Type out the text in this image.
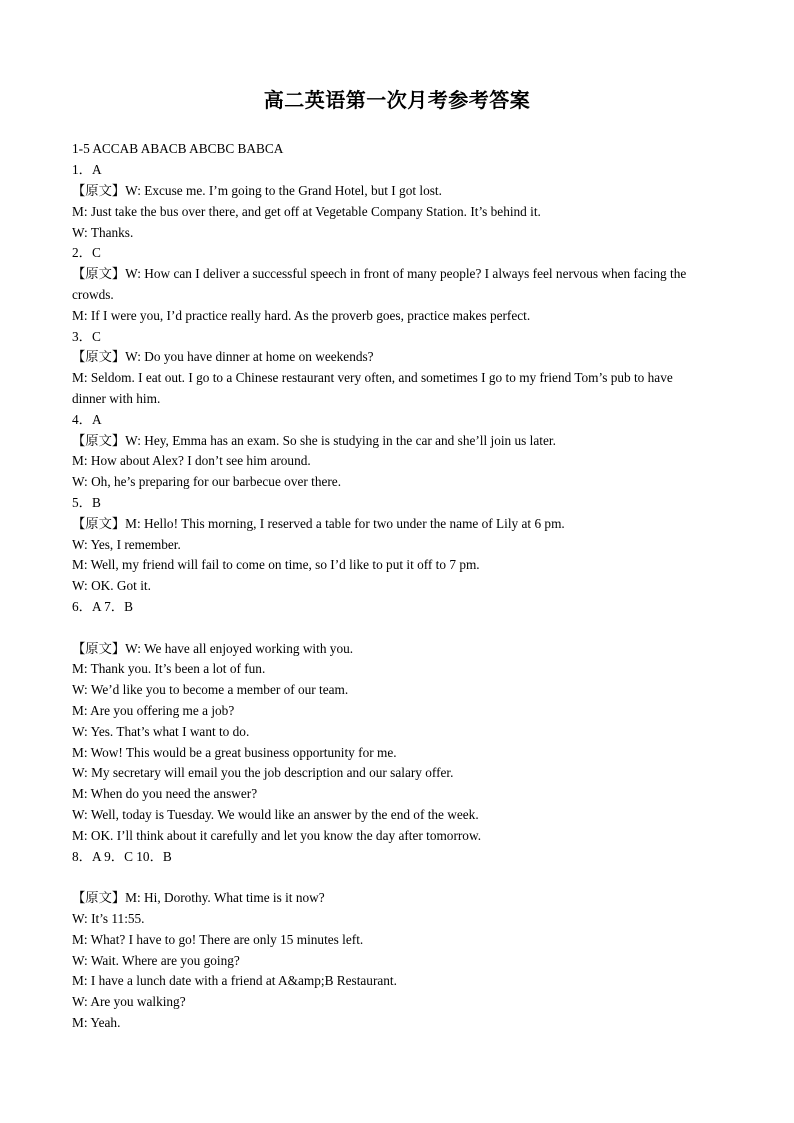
高二英语第一次月考参考答案
1-5 ACCAB ABACB ABCBC BABCA
1．A
【原文】W: Excuse me. I’m going to the Grand Hotel, but I got lost.
M: Just take the bus over there, and get off at Vegetable Company Station. It’s behind it.
W: Thanks.
2．C
【原文】W: How can I deliver a successful speech in front of many people? I always feel nervous when facing the
crowds.
M: If I were you, I’d practice really hard. As the proverb goes, practice makes perfect.
3．C
【原文】W: Do you have dinner at home on weekends?
M: Seldom. I eat out. I go to a Chinese restaurant very often, and sometimes I go to my friend Tom’s pub to have
dinner with him.
4．A
【原文】W: Hey, Emma has an exam. So she is studying in the car and she’ll join us later.
M: How about Alex? I don’t see him around.
W: Oh, he’s preparing for our barbecue over there.
5．B
【原文】M: Hello! This morning, I reserved a table for two under the name of Lily at 6 pm.
W: Yes, I remember.
M: Well, my friend will fail to come on time, so I’d like to put it off to 7 pm.
W: OK. Got it.
6．A 7．B
【原文】W: We have all enjoyed working with you.
M: Thank you. It’s been a lot of fun.
W: We’d like you to become a member of our team.
M: Are you offering me a job?
W: Yes. That’s what I want to do.
M: Wow! This would be a great business opportunity for me.
W: My secretary will email you the job description and our salary offer.
M: When do you need the answer?
W: Well, today is Tuesday. We would like an answer by the end of the week.
M: OK. I’ll think about it carefully and let you know the day after tomorrow.
8．A 9．C 10．B
【原文】M: Hi, Dorothy. What time is it now?
W: It’s 11:55.
M: What? I have to go! There are only 15 minutes left.
W: Wait. Where are you going?
M: I have a lunch date with a friend at A&amp;B Restaurant.
W: Are you walking?
M: Yeah.
